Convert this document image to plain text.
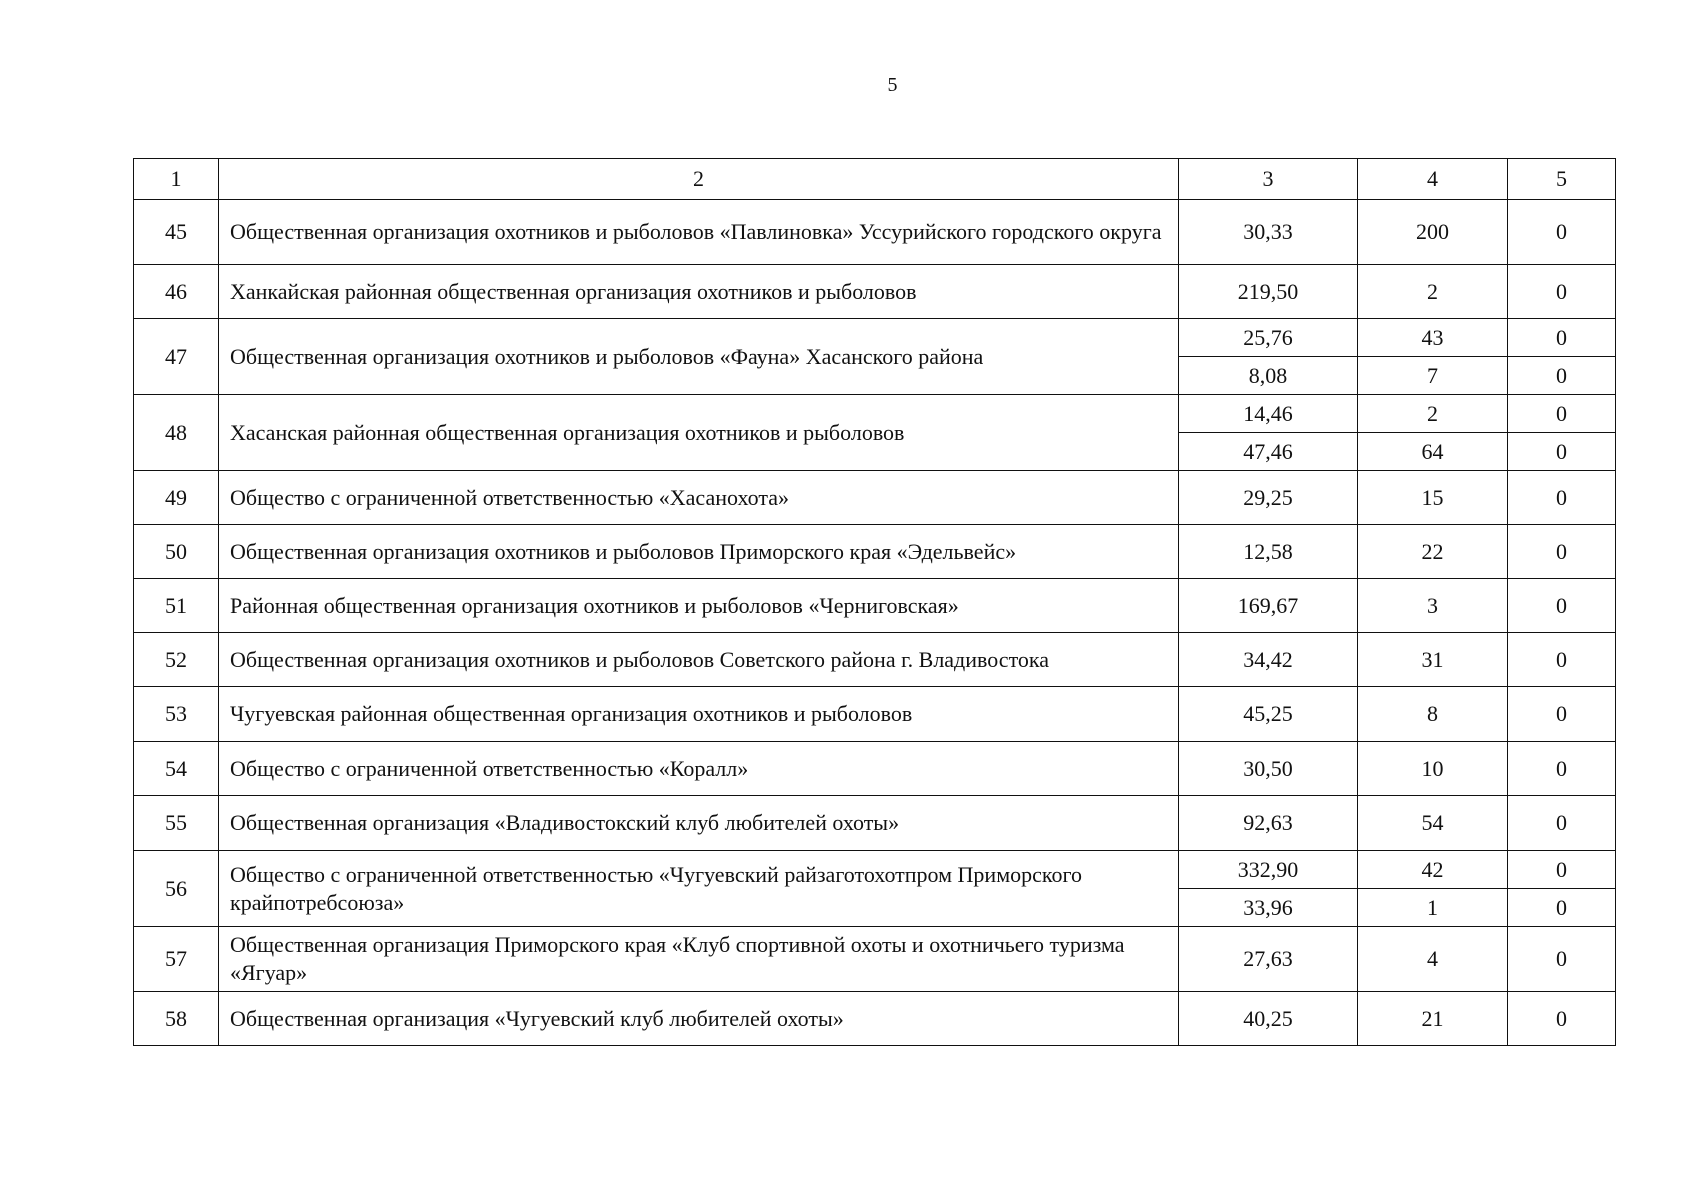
5
1	2	3	4	5
45	Общественная организация охотников и рыболовов «Павлиновка» Уссурийского городского округа	30,33	200	0
46	Ханкайская районная общественная организация охотников и рыболовов	219,50	2	0
47	Общественная организация охотников и рыболовов «Фауна» Хасанского района	25,76	43	0
		8,08	7	0
48	Хасанская районная общественная организация охотников и рыболовов	14,46	2	0
		47,46	64	0
49	Общество с ограниченной ответственностью «Хасанохота»	29,25	15	0
50	Общественная организация охотников и рыболовов Приморского края «Эдельвейс»	12,58	22	0
51	Районная общественная организация охотников и рыболовов «Черниговская»	169,67	3	0
52	Общественная организация охотников и рыболовов Советского района г. Владивостока	34,42	31	0
53	Чугуевская районная общественная организация охотников и рыболовов	45,25	8	0
54	Общество с ограниченной ответственностью «Коралл»	30,50	10	0
55	Общественная организация «Владивостокский клуб любителей охоты»	92,63	54	0
56	Общество с ограниченной ответственностью «Чугуевский райзаготохотпром Приморского крайпотребсоюза»	332,90	42	0
		33,96	1	0
57	Общественная организация Приморского края «Клуб спортивной охоты и охотничьего туризма «Ягуар»	27,63	4	0
58	Общественная организация «Чугуевский клуб любителей охоты»	40,25	21	0
